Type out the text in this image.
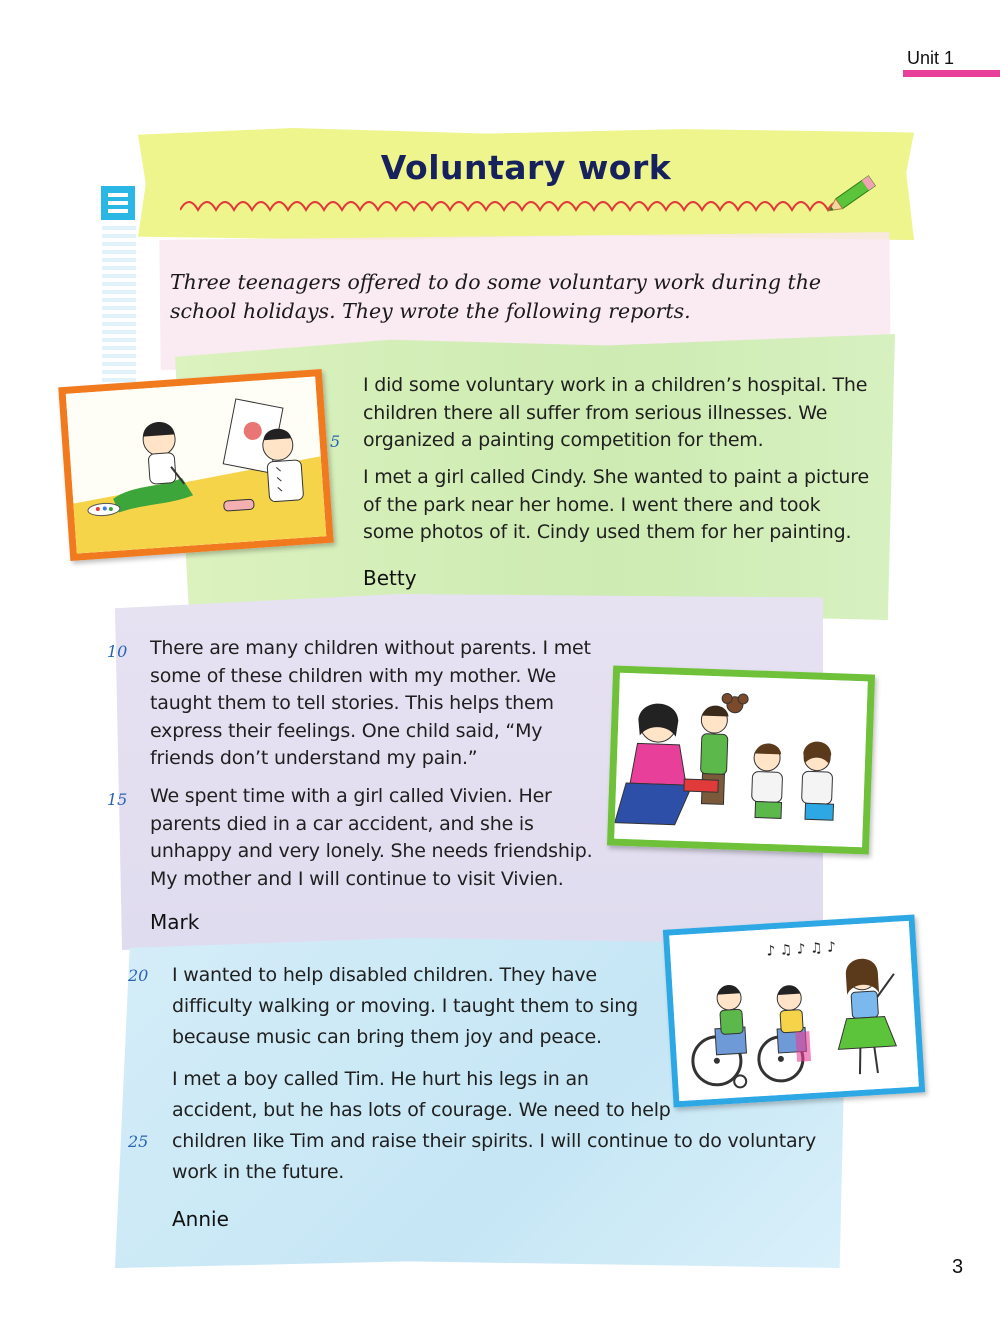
Unit 1
Voluntary work
Three teenagers offered to do some voluntary work during the school holidays. They wrote the following reports.
I did some voluntary work in a children’s hospital. The
children there all suffer from serious illnesses. We
organized a painting competition for them.
5
I met a girl called Cindy. She wanted to paint a picture
of the park near her home. I went there and took
some photos of it. Cindy used them for her painting.
Betty
There are many children without parents. I met
some of these children with my mother. We
taught them to tell stories. This helps them
express their feelings. One child said, “My
friends don’t understand my pain.”
10
We spent time with a girl called Vivien. Her
parents died in a car accident, and she is
unhappy and very lonely. She needs friendship.
My mother and I will continue to visit Vivien.
15
Mark
I wanted to help disabled children. They have
difficulty walking or moving. I taught them to sing
because music can bring them joy and peace.
20
I met a boy called Tim. He hurt his legs in an
accident, but he has lots of courage. We need to help
children like Tim and raise their spirits. I will continue to do voluntary
work in the future.
25
Annie
♪ ♫ ♪ ♫ ♪
3
